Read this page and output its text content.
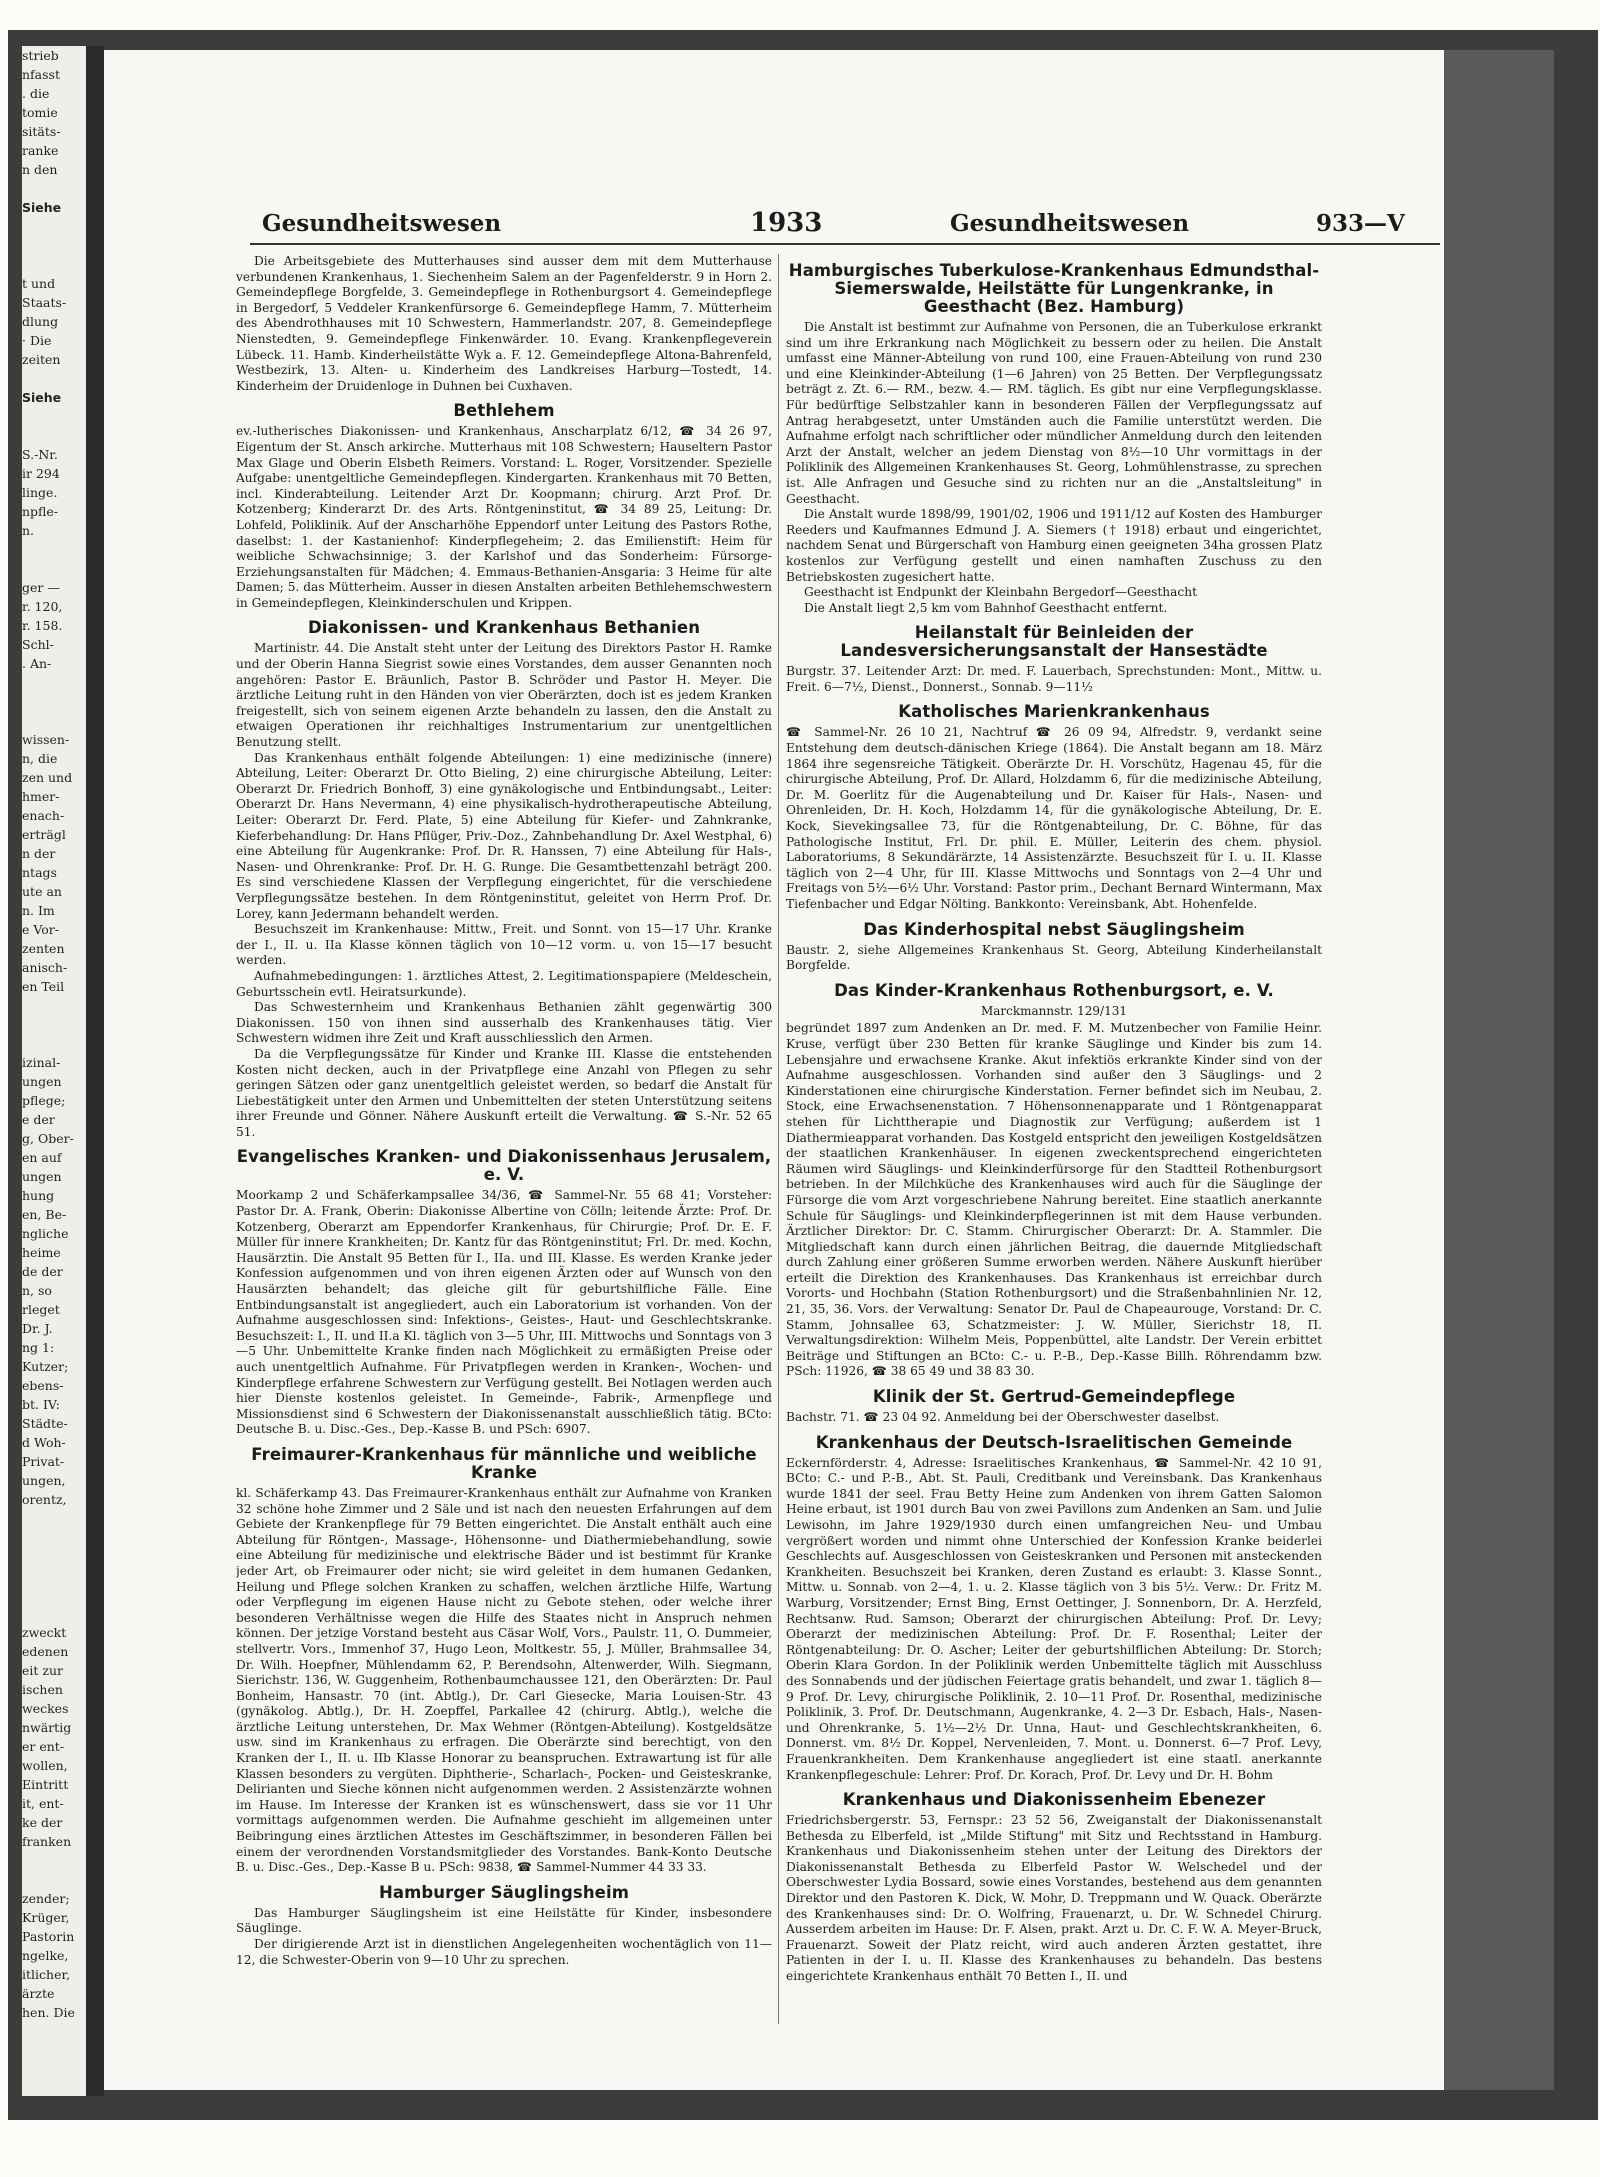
strieb
nfasst
. die
tomie
sitäts-
ranke
n den
Siehe
t und
Staats-
dlung
· Die
zeiten
Siehe
S.-Nr.
ir 294
linge.
npfle-
n.
ger —
r. 120,
r. 158.
Schl-
. An-
wissen-
n, die
zen und
hmer-
enach-
erträgl
n der
ntags
ute an
n. Im
e Vor-
zenten
anisch-
en Teil
izinal-
ungen
pflege;
e der
g, Ober-
en auf
ungen
hung
en, Be-
ngliche
heime
de der
n, so
rleget
Dr. J.
ng 1:
Kutzer;
ebens-
bt. IV:
Städte-
d Woh-
Privat-
ungen,
orentz,
zweckt
edenen
eit zur
ischen
weckes
nwärtig
er ent-
wollen,
Eintritt
it, ent-
ke der
franken
zender;
Krüger,
Pastorin
ngelke,
itlicher,
ärzte
hen. Die
Gesundheitswesen	1933	Gesundheitswesen	933—V

Die Arbeitsgebiete des Mutterhauses sind ausser dem mit dem Mutterhause verbundenen Krankenhaus, 1. Siechenheim Salem an der Pagenfelderstr. 9 in Horn 2. Gemeindepflege Borgfelde, 3. Gemeindepflege in Rothenburgsort 4. Gemeindepflege in Bergedorf, 5 Veddeler Krankenfürsorge 6. Gemeindepflege Hamm, 7. Mütterheim des Abendrothhauses mit 10 Schwestern, Hammerlandstr. 207, 8. Gemeindepflege Nienstedten, 9. Gemeindepflege Finkenwärder. 10. Evang. Krankenpflegeverein Lübeck. 11. Hamb. Kinderheilstätte Wyk a. F. 12. Gemeindepflege Altona-Bahrenfeld, Westbezirk, 13. Alten- u. Kinderheim des Landkreises Harburg—Tostedt, 14. Kinderheim der Druidenloge in Duhnen bei Cuxhaven.

Bethlehem

ev.-lutherisches Diakonissen- und Krankenhaus, Anscharplatz 6/12, ☎ 34 26 97, Eigentum der St. Ansch arkirche. Mutterhaus mit 108 Schwestern; Hauseltern Pastor Max Glage und Oberin Elsbeth Reimers. Vorstand: L. Roger, Vorsitzender. Spezielle Aufgabe: unentgeltliche Gemeindepflegen. Kindergarten. Krankenhaus mit 70 Betten, incl. Kinderabteilung. Leitender Arzt Dr. Koopmann; chirurg. Arzt Prof. Dr. Kotzenberg; Kinderarzt Dr. des Arts. Röntgeninstitut, ☎ 34 89 25, Leitung: Dr. Lohfeld, Poliklinik. Auf der Anscharhöhe Eppendorf unter Leitung des Pastors Rothe, daselbst: 1. der Kastanienhof: Kinderpflegeheim; 2. das Emilienstift: Heim für weibliche Schwachsinnige; 3. der Karlshof und das Sonderheim: Fürsorge-Erziehungsanstalten für Mädchen; 4. Emmaus-Bethanien-Ansgaria: 3 Heime für alte Damen; 5. das Mütterheim. Ausser in diesen Anstalten arbeiten Bethlehemschwestern in Gemeindepflegen, Kleinkinderschulen und Krippen.

Diakonissen- und Krankenhaus Bethanien

Martinistr. 44. Die Anstalt steht unter der Leitung des Direktors Pastor H. Ramke und der Oberin Hanna Siegrist sowie eines Vorstandes, dem ausser Genannten noch angehören: Pastor E. Bräunlich, Pastor B. Schröder und Pastor H. Meyer. Die ärztliche Leitung ruht in den Händen von vier Oberärzten, doch ist es jedem Kranken freigestellt, sich von seinem eigenen Arzte behandeln zu lassen, den die Anstalt zu etwaigen Operationen ihr reichhaltiges Instrumentarium zur unentgeltlichen Benutzung stellt.

Das Krankenhaus enthält folgende Abteilungen: 1) eine medizinische (innere) Abteilung, Leiter: Oberarzt Dr. Otto Bieling, 2) eine chirurgische Abteilung, Leiter: Oberarzt Dr. Friedrich Bonhoff, 3) eine gynäkologische und Entbindungsabt., Leiter: Oberarzt Dr. Hans Nevermann, 4) eine physikalisch-hydrotherapeutische Abteilung, Leiter: Oberarzt Dr. Ferd. Plate, 5) eine Abteilung für Kiefer- und Zahnkranke, Kieferbehandlung: Dr. Hans Pflüger, Priv.-Doz., Zahnbehandlung Dr. Axel Westphal, 6) eine Abteilung für Augenkranke: Prof. Dr. R. Hanssen, 7) eine Abteilung für Hals-, Nasen- und Ohrenkranke: Prof. Dr. H. G. Runge. Die Gesamtbettenzahl beträgt 200. Es sind verschiedene Klassen der Verpflegung eingerichtet, für die verschiedene Verpflegungssätze bestehen. In dem Röntgeninstitut, geleitet von Herrn Prof. Dr. Lorey, kann Jedermann behandelt werden.

Besuchszeit im Krankenhause: Mittw., Freit. und Sonnt. von 15—17 Uhr. Kranke der I., II. u. IIa Klasse können täglich von 10—12 vorm. u. von 15—17 besucht werden.

Aufnahmebedingungen: 1. ärztliches Attest, 2. Legitimationspapiere (Meldeschein, Geburtsschein evtl. Heiratsurkunde).

Das Schwesternheim und Krankenhaus Bethanien zählt gegenwärtig 300 Diakonissen. 150 von ihnen sind ausserhalb des Krankenhauses tätig. Vier Schwestern widmen ihre Zeit und Kraft ausschliesslich den Armen.

Da die Verpflegungssätze für Kinder und Kranke III. Klasse die entstehenden Kosten nicht decken, auch in der Privatpflege eine Anzahl von Pflegen zu sehr geringen Sätzen oder ganz unentgeltlich geleistet werden, so bedarf die Anstalt für Liebestätigkeit unter den Armen und Unbemittelten der steten Unterstützung seitens ihrer Freunde und Gönner. Nähere Auskunft erteilt die Verwaltung. ☎ S.-Nr. 52 65 51.

Evangelisches Kranken- und Diakonissenhaus Jerusalem, e. V.

Moorkamp 2 und Schäferkampsallee 34/36, ☎ Sammel-Nr. 55 68 41; Vorsteher: Pastor Dr. A. Frank, Oberin: Diakonisse Albertine von Cölln; leitende Ärzte: Prof. Dr. Kotzenberg, Oberarzt am Eppendorfer Krankenhaus, für Chirurgie; Prof. Dr. E. F. Müller für innere Krankheiten; Dr. Kantz für das Röntgeninstitut; Frl. Dr. med. Kochn, Hausärztin. Die Anstalt 95 Betten für I., IIa. und III. Klasse. Es werden Kranke jeder Konfession aufgenommen und von ihren eigenen Ärzten oder auf Wunsch von den Hausärzten behandelt; das gleiche gilt für geburtshilfliche Fälle. Eine Entbindungsanstalt ist angegliedert, auch ein Laboratorium ist vorhanden. Von der Aufnahme ausgeschlossen sind: Infektions-, Geistes-, Haut- und Geschlechtskranke. Besuchszeit: I., II. und II.a Kl. täglich von 3—5 Uhr, III. Mittwochs und Sonntags von 3—5 Uhr. Unbemittelte Kranke finden nach Möglichkeit zu ermäßigten Preise oder auch unentgeltlich Aufnahme. Für Privatpflegen werden in Kranken-, Wochen- und Kinderpflege erfahrene Schwestern zur Verfügung gestellt. Bei Notlagen werden auch hier Dienste kostenlos geleistet. In Gemeinde-, Fabrik-, Armenpflege und Missionsdienst sind 6 Schwestern der Diakonissenanstalt ausschließlich tätig. BCto: Deutsche B. u. Disc.-Ges., Dep.-Kasse B. und PSch: 6907.

Freimaurer-Krankenhaus für männliche und weibliche Kranke

kl. Schäferkamp 43. Das Freimaurer-Krankenhaus enthält zur Aufnahme von Kranken 32 schöne hohe Zimmer und 2 Säle und ist nach den neuesten Erfahrungen auf dem Gebiete der Krankenpflege für 79 Betten eingerichtet. Die Anstalt enthält auch eine Abteilung für Röntgen-, Massage-, Höhensonne- und Diathermiebehandlung, sowie eine Abteilung für medizinische und elektrische Bäder und ist bestimmt für Kranke jeder Art, ob Freimaurer oder nicht; sie wird geleitet in dem humanen Gedanken, Heilung und Pflege solchen Kranken zu schaffen, welchen ärztliche Hilfe, Wartung oder Verpflegung im eigenen Hause nicht zu Gebote stehen, oder welche ihrer besonderen Verhältnisse wegen die Hilfe des Staates nicht in Anspruch nehmen können. Der jetzige Vorstand besteht aus Cäsar Wolf, Vors., Paulstr. 11, O. Dummeier, stellvertr. Vors., Immenhof 37, Hugo Leon, Moltkestr. 55, J. Müller, Brahmsallee 34, Dr. Wilh. Hoepfner, Mühlendamm 62, P. Berendsohn, Altenwerder, Wilh. Siegmann, Sierichstr. 136, W. Guggenheim, Rothenbaumchaussee 121, den Oberärzten: Dr. Paul Bonheim, Hansastr. 70 (int. Abtlg.), Dr. Carl Giesecke, Maria Louisen-Str. 43 (gynäkolog. Abtlg.), Dr. H. Zoepffel, Parkallee 42 (chirurg. Abtlg.), welche die ärztliche Leitung unterstehen, Dr. Max Wehmer (Röntgen-Abteilung). Kostgeldsätze usw. sind im Krankenhaus zu erfragen. Die Oberärzte sind berechtigt, von den Kranken der I., II. u. IIb Klasse Honorar zu beanspruchen. Extrawartung ist für alle Klassen besonders zu vergüten. Diphtherie-, Scharlach-, Pocken- und Geisteskranke, Delirianten und Sieche können nicht aufgenommen werden. 2 Assistenzärzte wohnen im Hause. Im Interesse der Kranken ist es wünschenswert, dass sie vor 11 Uhr vormittags aufgenommen werden. Die Aufnahme geschieht im allgemeinen unter Beibringung eines ärztlichen Attestes im Geschäftszimmer, in besonderen Fällen bei einem der verordnenden Vorstandsmitglieder des Vorstandes. Bank-Konto Deutsche B. u. Disc.-Ges., Dep.-Kasse B u. PSch: 9838, ☎ Sammel-Nummer 44 33 33.

Hamburger Säuglingsheim

Das Hamburger Säuglingsheim ist eine Heilstätte für Kinder, insbesondere Säuglinge.

Der dirigierende Arzt ist in dienstlichen Angelegenheiten wochentäglich von 11—12, die Schwester-Oberin von 9—10 Uhr zu sprechen.

Hamburgisches Tuberkulose-Krankenhaus Edmundsthal-Siemerswalde, Heilstätte für Lungenkranke, in Geesthacht (Bez. Hamburg)

Die Anstalt ist bestimmt zur Aufnahme von Personen, die an Tuberkulose erkrankt sind um ihre Erkrankung nach Möglichkeit zu bessern oder zu heilen. Die Anstalt umfasst eine Männer-Abteilung von rund 100, eine Frauen-Abteilung von rund 230 und eine Kleinkinder-Abteilung (1—6 Jahren) von 25 Betten. Der Verpflegungssatz beträgt z. Zt. 6.— RM., bezw. 4.— RM. täglich. Es gibt nur eine Verpflegungsklasse. Für bedürftige Selbstzahler kann in besonderen Fällen der Verpflegungssatz auf Antrag herabgesetzt, unter Umständen auch die Familie unterstützt werden. Die Aufnahme erfolgt nach schriftlicher oder mündlicher Anmeldung durch den leitenden Arzt der Anstalt, welcher an jedem Dienstag von 8½—10 Uhr vormittags in der Poliklinik des Allgemeinen Krankenhauses St. Georg, Lohmühlenstrasse, zu sprechen ist. Alle Anfragen und Gesuche sind zu richten nur an die „Anstaltsleitung" in Geesthacht.

Die Anstalt wurde 1898/99, 1901/02, 1906 und 1911/12 auf Kosten des Hamburger Reeders und Kaufmannes Edmund J. A. Siemers († 1918) erbaut und eingerichtet, nachdem Senat und Bürgerschaft von Hamburg einen geeigneten 34ha grossen Platz kostenlos zur Verfügung gestellt und einen namhaften Zuschuss zu den Betriebskosten zugesichert hatte.

Geesthacht ist Endpunkt der Kleinbahn Bergedorf—Geesthacht

Die Anstalt liegt 2,5 km vom Bahnhof Geesthacht entfernt.

Heilanstalt für Beinleiden der Landesversicherungsanstalt der Hansestädte

Burgstr. 37. Leitender Arzt: Dr. med. F. Lauerbach, Sprechstunden: Mont., Mittw. u. Freit. 6—7½, Dienst., Donnerst., Sonnab. 9—11½

Katholisches Marienkrankenhaus

☎ Sammel-Nr. 26 10 21, Nachtruf ☎ 26 09 94, Alfredstr. 9, verdankt seine Entstehung dem deutsch-dänischen Kriege (1864). Die Anstalt begann am 18. März 1864 ihre segensreiche Tätigkeit. Oberärzte Dr. H. Vorschütz, Hagenau 45, für die chirurgische Abteilung, Prof. Dr. Allard, Holzdamm 6, für die medizinische Abteilung, Dr. M. Goerlitz für die Augenabteilung und Dr. Kaiser für Hals-, Nasen- und Ohrenleiden, Dr. H. Koch, Holzdamm 14, für die gynäkologische Abteilung, Dr. E. Kock, Sievekingsallee 73, für die Röntgenabteilung, Dr. C. Böhne, für das Pathologische Institut, Frl. Dr. phil. E. Müller, Leiterin des chem. physiol. Laboratoriums, 8 Sekundärärzte, 14 Assistenzärzte. Besuchszeit für I. u. II. Klasse täglich von 2—4 Uhr, für III. Klasse Mittwochs und Sonntags von 2—4 Uhr und Freitags von 5½—6½ Uhr. Vorstand: Pastor prim., Dechant Bernard Wintermann, Max Tiefenbacher und Edgar Nölting. Bankkonto: Vereinsbank, Abt. Hohenfelde.

Das Kinderhospital nebst Säuglingsheim

Baustr. 2, siehe Allgemeines Krankenhaus St. Georg, Abteilung Kinderheilanstalt Borgfelde.

Das Kinder-Krankenhaus Rothenburgsort, e. V.
Marckmannstr. 129/131

begründet 1897 zum Andenken an Dr. med. F. M. Mutzenbecher von Familie Heinr. Kruse, verfügt über 230 Betten für kranke Säuglinge und Kinder bis zum 14. Lebensjahre und erwachsene Kranke. Akut infektiös erkrankte Kinder sind von der Aufnahme ausgeschlossen. Vorhanden sind außer den 3 Säuglings- und 2 Kinderstationen eine chirurgische Kinderstation. Ferner befindet sich im Neubau, 2. Stock, eine Erwachsenenstation. 7 Höhensonnenapparate und 1 Röntgenapparat stehen für Lichttherapie und Diagnostik zur Verfügung; außerdem ist 1 Diathermieapparat vorhanden. Das Kostgeld entspricht den jeweiligen Kostgeldsätzen der staatlichen Krankenhäuser. In eigenen zweckentsprechend eingerichteten Räumen wird Säuglings- und Kleinkinderfürsorge für den Stadtteil Rothenburgsort betrieben. In der Milchküche des Krankenhauses wird auch für die Säuglinge der Fürsorge die vom Arzt vorgeschriebene Nahrung bereitet. Eine staatlich anerkannte Schule für Säuglings- und Kleinkinderpflegerinnen ist mit dem Hause verbunden. Ärztlicher Direktor: Dr. C. Stamm. Chirurgischer Oberarzt: Dr. A. Stammler. Die Mitgliedschaft kann durch einen jährlichen Beitrag, die dauernde Mitgliedschaft durch Zahlung einer größeren Summe erworben werden. Nähere Auskunft hierüber erteilt die Direktion des Krankenhauses. Das Krankenhaus ist erreichbar durch Vororts- und Hochbahn (Station Rothenburgsort) und die Straßenbahnlinien Nr. 12, 21, 35, 36. Vors. der Verwaltung: Senator Dr. Paul de Chapeaurouge, Vorstand: Dr. C. Stamm, Johnsallee 63, Schatzmeister: J. W. Müller, Sierichstr 18, Π. Verwaltungsdirektion: Wilhelm Meis, Poppenbüttel, alte Landstr. Der Verein erbittet Beiträge und Stiftungen an BCto: C.- u. P.-B., Dep.-Kasse Billh. Röhrendamm bzw. PSch: 11926, ☎ 38 65 49 und 38 83 30.

Klinik der St. Gertrud-Gemeindepflege

Bachstr. 71. ☎ 23 04 92. Anmeldung bei der Oberschwester daselbst.

Krankenhaus der Deutsch-Israelitischen Gemeinde

Eckernförderstr. 4, Adresse: Israelitisches Krankenhaus, ☎ Sammel-Nr. 42 10 91, BCto: C.- und P.-B., Abt. St. Pauli, Creditbank und Vereinsbank. Das Krankenhaus wurde 1841 der seel. Frau Betty Heine zum Andenken von ihrem Gatten Salomon Heine erbaut, ist 1901 durch Bau von zwei Pavillons zum Andenken an Sam. und Julie Lewisohn, im Jahre 1929/1930 durch einen umfangreichen Neu- und Umbau vergrößert worden und nimmt ohne Unterschied der Konfession Kranke beiderlei Geschlechts auf. Ausgeschlossen von Geisteskranken und Personen mit ansteckenden Krankheiten. Besuchszeit bei Kranken, deren Zustand es erlaubt: 3. Klasse Sonnt., Mittw. u. Sonnab. von 2—4, 1. u. 2. Klasse täglich von 3 bis 5½. Verw.: Dr. Fritz M. Warburg, Vorsitzender; Ernst Bing, Ernst Oettinger, J. Sonnenborn, Dr. A. Herzfeld, Rechtsanw. Rud. Samson; Oberarzt der chirurgischen Abteilung: Prof. Dr. Levy; Oberarzt der medizinischen Abteilung: Prof. Dr. F. Rosenthal; Leiter der Röntgenabteilung: Dr. O. Ascher; Leiter der geburtshilflichen Abteilung: Dr. Storch; Oberin Klara Gordon. In der Poliklinik werden Unbemittelte täglich mit Ausschluss des Sonnabends und der jüdischen Feiertage gratis behandelt, und zwar 1. täglich 8—9 Prof. Dr. Levy, chirurgische Poliklinik, 2. 10—11 Prof. Dr. Rosenthal, medizinische Poliklinik, 3. Prof. Dr. Deutschmann, Augenkranke, 4. 2—3 Dr. Esbach, Hals-, Nasen- und Ohrenkranke, 5. 1½—2½ Dr. Unna, Haut- und Geschlechtskrankheiten, 6. Donnerst. vm. 8½ Dr. Koppel, Nervenleiden, 7. Mont. u. Donnerst. 6—7 Prof. Levy, Frauenkrankheiten. Dem Krankenhause angegliedert ist eine staatl. anerkannte Krankenpflegeschule: Lehrer: Prof. Dr. Korach, Prof. Dr. Levy und Dr. H. Bohm

Krankenhaus und Diakonissenheim Ebenezer

Friedrichsbergerstr. 53, Fernspr.: 23 52 56, Zweiganstalt der Diakonissenanstalt Bethesda zu Elberfeld, ist „Milde Stiftung" mit Sitz und Rechtsstand in Hamburg. Krankenhaus und Diakonissenheim stehen unter der Leitung des Direktors der Diakonissenanstalt Bethesda zu Elberfeld Pastor W. Welschedel und der Oberschwester Lydia Bossard, sowie eines Vorstandes, bestehend aus dem genannten Direktor und den Pastoren K. Dick, W. Mohr, D. Treppmann und W. Quack. Oberärzte des Krankenhauses sind: Dr. O. Wolfring, Frauenarzt, u. Dr. W. Schnedel Chirurg. Ausserdem arbeiten im Hause: Dr. F. Alsen, prakt. Arzt u. Dr. C. F. W. A. Meyer-Bruck, Frauenarzt. Soweit der Platz reicht, wird auch anderen Ärzten gestattet, ihre Patienten in der I. u. II. Klasse des Krankenhauses zu behandeln. Das bestens eingerichtete Krankenhaus enthält 70 Betten I., II. und
